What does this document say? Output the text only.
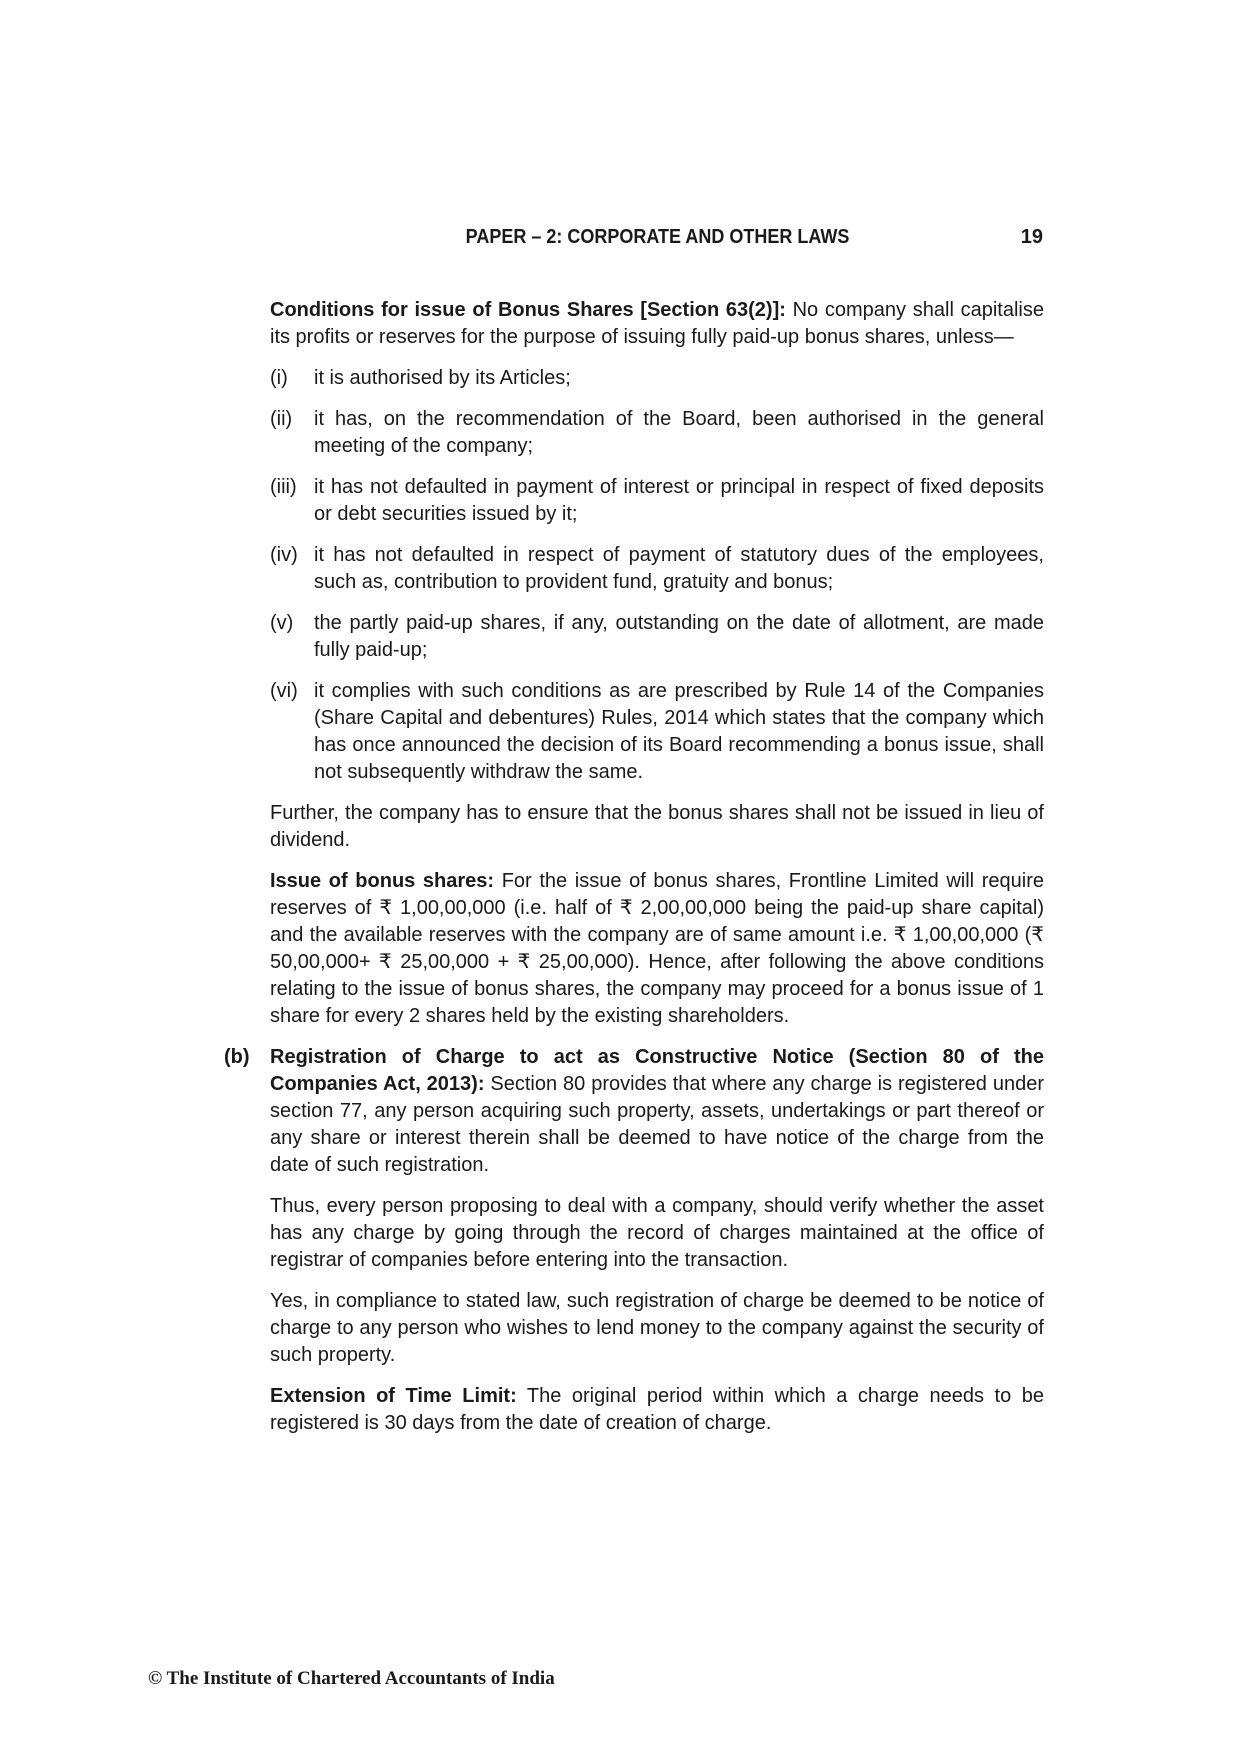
PAPER – 2: CORPORATE AND OTHER LAWS	19

Conditions for issue of Bonus Shares [Section 63(2)]: No company shall capitalise its profits or reserves for the purpose of issuing fully paid-up bonus shares, unless—

(i)	it is authorised by its Articles;
(ii)	it has, on the recommendation of the Board, been authorised in the general meeting of the company;
(iii) it has not defaulted in payment of interest or principal in respect of fixed deposits or debt securities issued by it;
(iv) it has not defaulted in respect of payment of statutory dues of the employees, such as, contribution to provident fund, gratuity and bonus;
(v)	the partly paid-up shares, if any, outstanding on the date of allotment, are made fully paid-up;
(vi) it complies with such conditions as are prescribed by Rule 14 of the Companies (Share Capital and debentures) Rules, 2014 which states that the company which has once announced the decision of its Board recommending a bonus issue, shall not subsequently withdraw the same.

Further, the company has to ensure that the bonus shares shall not be issued in lieu of dividend.

Issue of bonus shares: For the issue of bonus shares, Frontline Limited will require reserves of ₹ 1,00,00,000 (i.e. half of ₹ 2,00,00,000 being the paid-up share capital) and the available reserves with the company are of same amount i.e. ₹ 1,00,00,000 (₹ 50,00,000+ ₹ 25,00,000 + ₹ 25,00,000). Hence, after following the above conditions relating to the issue of bonus shares, the company may proceed for a bonus issue of 1 share for every 2 shares held by the existing shareholders.

(b) Registration of Charge to act as Constructive Notice (Section 80 of the Companies Act, 2013): Section 80 provides that where any charge is registered under section 77, any person acquiring such property, assets, undertakings or part thereof or any share or interest therein shall be deemed to have notice of the charge from the date of such registration.

Thus, every person proposing to deal with a company, should verify whether the asset has any charge by going through the record of charges maintained at the office of registrar of companies before entering into the transaction.

Yes, in compliance to stated law, such registration of charge be deemed to be notice of charge to any person who wishes to lend money to the company against the security of such property.

Extension of Time Limit: The original period within which a charge needs to be registered is 30 days from the date of creation of charge.

© The Institute of Chartered Accountants of India
